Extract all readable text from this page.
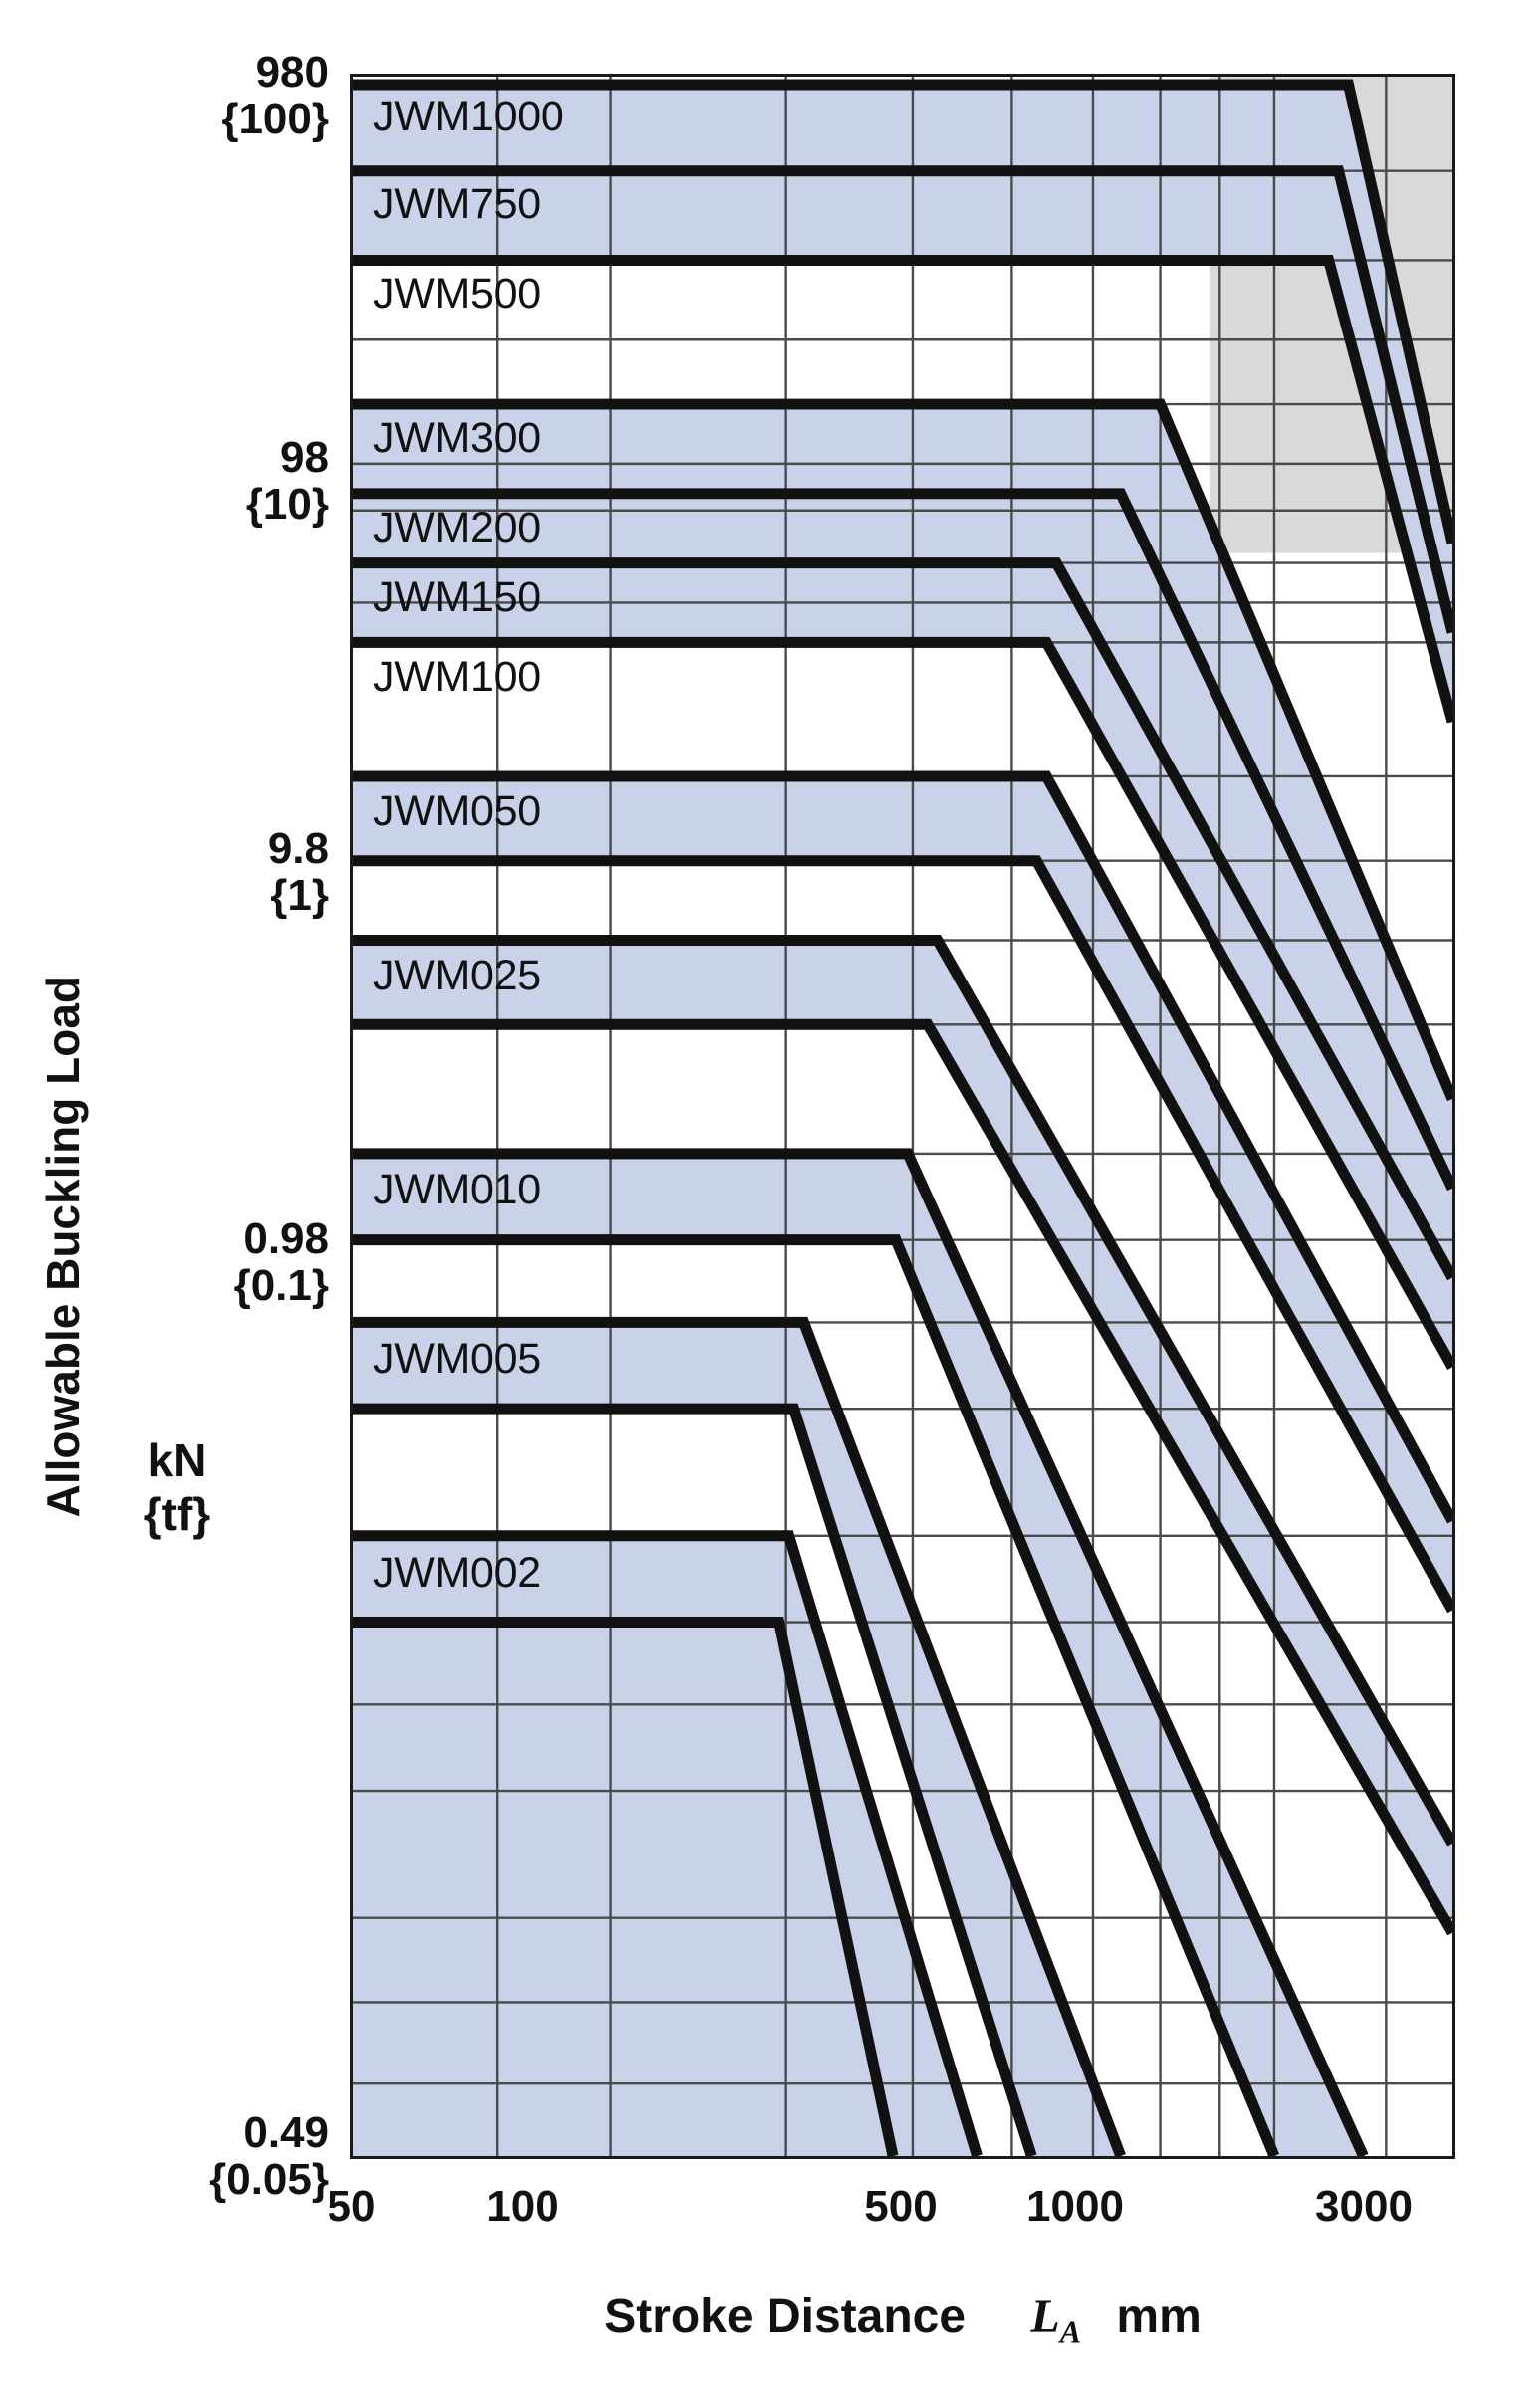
Allowable Buckling Load	kN
{tf}
980
{100}
98
{10}
9.8
{1}
0.98
{0.1}
0.49
{0.05}
50	100	500	1000	3000
Stroke Distance $L_A$ mm
JWM1000
JWM750
JWM500
JWM300
JWM200
JWM150
JWM100
JWM050
JWM025
JWM010
JWM005
JWM002
